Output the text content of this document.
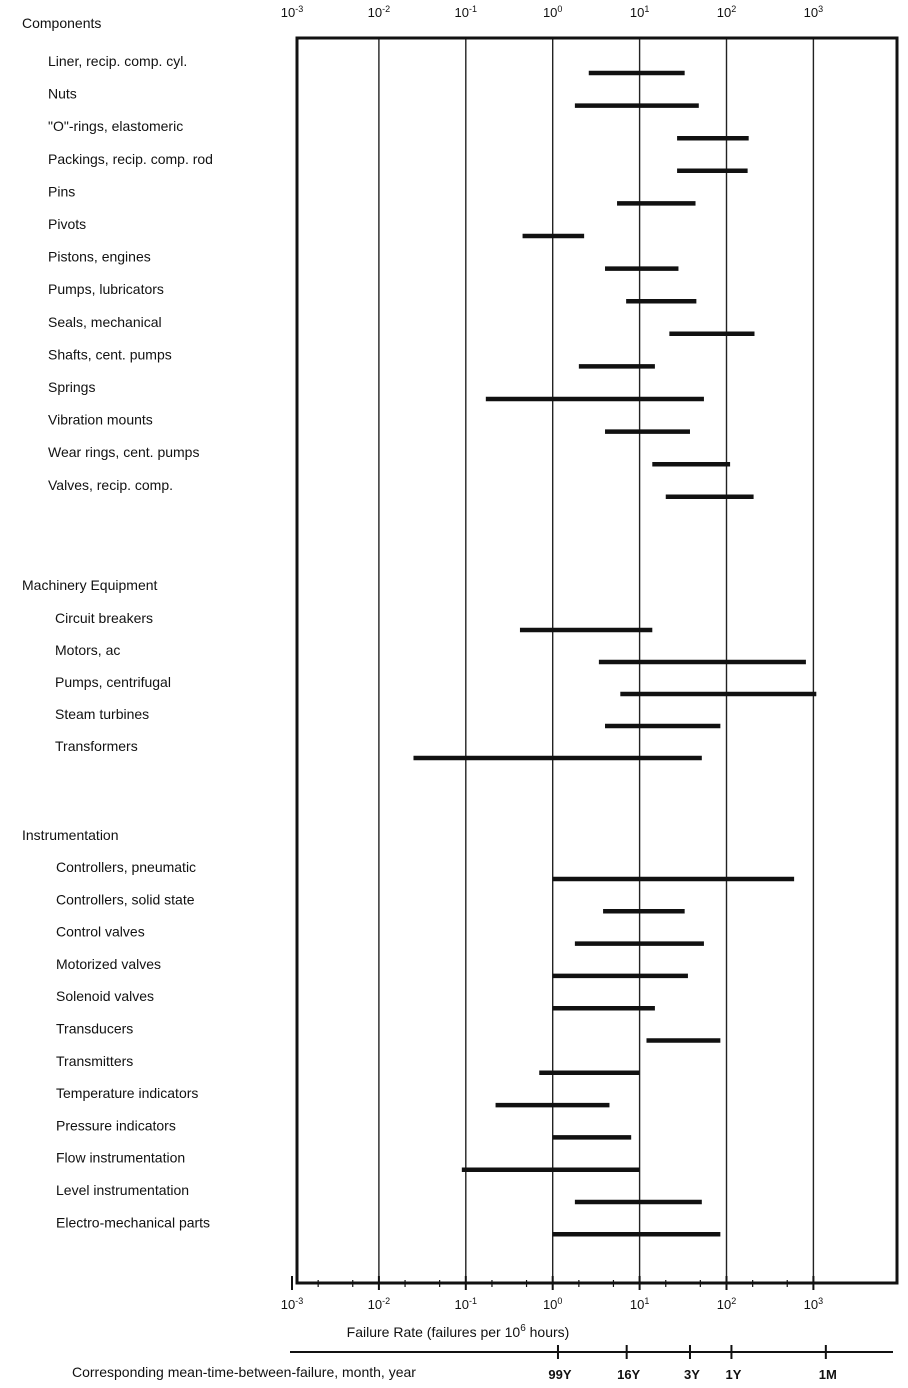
Components
Liner, recip. comp. cyl.
Nuts
"O"-rings, elastomeric
Packings, recip. comp. rod
Pins
Pivots
Pistons, engines
Pumps, lubricators
Seals, mechanical
Shafts, cent. pumps
Springs
Vibration mounts
Wear rings, cent. pumps
Valves, recip. comp.
Machinery Equipment
Circuit breakers
Motors, ac
Pumps, centrifugal
Steam turbines
Transformers
Instrumentation
Controllers, pneumatic
Controllers, solid state
Control valves
Motorized valves
Solenoid valves
Transducers
Transmitters
Temperature indicators
Pressure indicators
Flow instrumentation
Level instrumentation
Electro-mechanical parts
$10^{-3}$	$10^{-2}$	$10^{-1}$	$10^0$	$10^1$	$10^2$	$10^3$
$10^{-3}$	$10^{-2}$	$10^{-1}$	$10^0$	$10^1$	$10^2$	$10^3$
Failure Rate (failures per $10^6$ hours)
99Y	16Y	3Y 1Y	1M
Corresponding mean-time-between-failure, month, year
